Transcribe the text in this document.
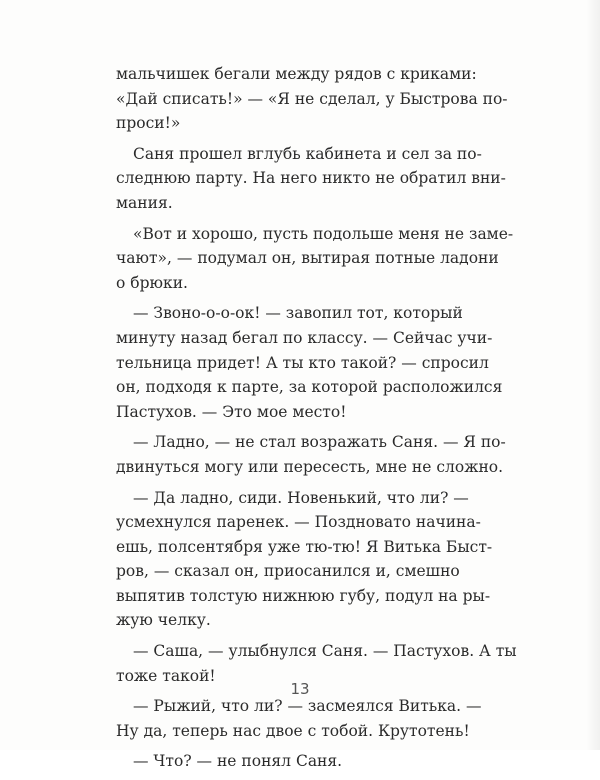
мальчишек бегали между рядов с криками:
«Дай списать!» — «Я не сделал, у Быстрова по-
проси!»
Саня прошел вглубь кабинета и сел за по-
следнюю парту. На него никто не обратил вни-
мания.
«Вот и хорошо, пусть подольше меня не заме-
чают», — подумал он, вытирая потные ладони
о брюки.
— Звоно-о-о-ок! — завопил тот, который
минуту назад бегал по классу. — Сейчас учи-
тельница придет! А ты кто такой? — спросил
он, подходя к парте, за которой расположился
Пастухов. — Это мое место!
— Ладно, — не стал возражать Саня. — Я по-
двинуться могу или пересесть, мне не сложно.
— Да ладно, сиди. Новенький, что ли? —
усмехнулся паренек. — Поздновато начина-
ешь, полсентября уже тю-тю! Я Витька Быст-
ров, — сказал он, приосанился и, смешно
выпятив толстую нижнюю губу, подул на ры-
жую челку.
— Саша, — улыбнулся Саня. — Пастухов. А ты
тоже такой!
— Рыжий, что ли? — засмеялся Витька. —
Ну да, теперь нас двое с тобой. Крутотень!
— Что? — не понял Саня.
13
